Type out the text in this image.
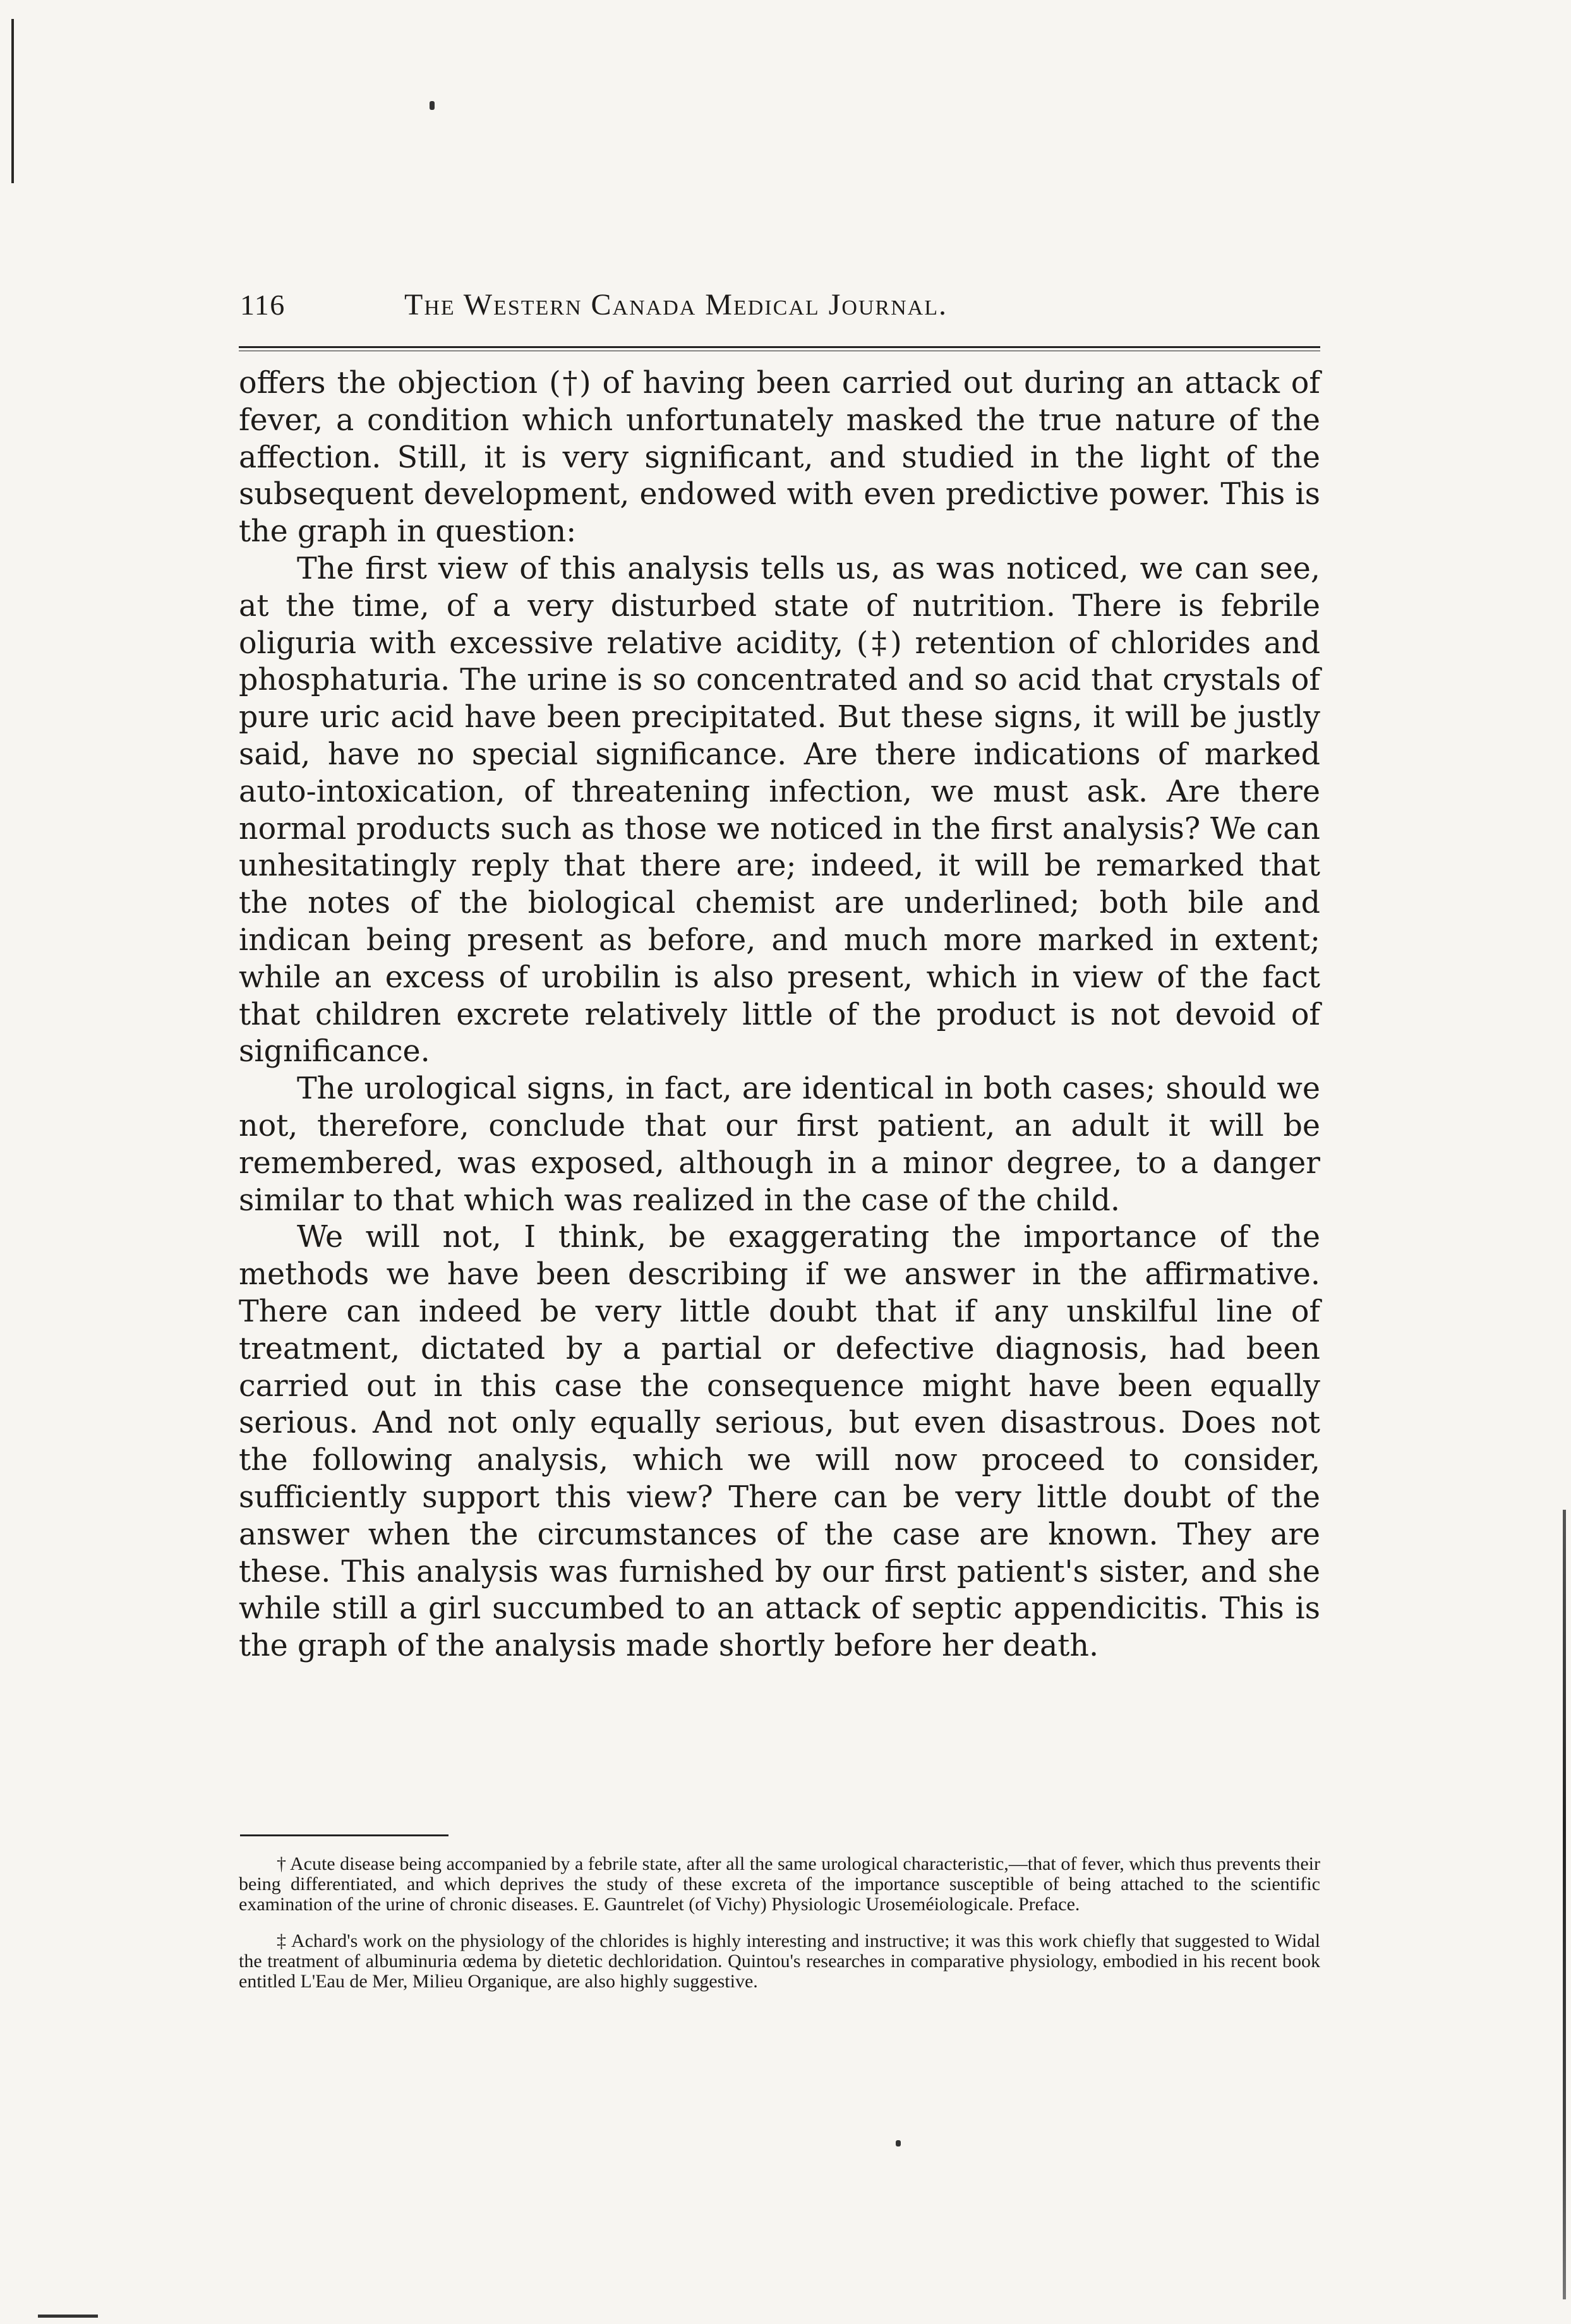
116	The Western Canada Medical Journal.

offers the objection (†) of having been carried out during an attack of fever, a condition which unfortunately masked the true nature of the affection. Still, it is very significant, and studied in the light of the subsequent development, endowed with even predictive power. This is the graph in question:

The first view of this analysis tells us, as was noticed, we can see, at the time, of a very disturbed state of nutrition. There is febrile oliguria with excessive relative acidity, (‡) retention of chlorides and phosphaturia. The urine is so concentrated and so acid that crystals of pure uric acid have been precipitated. But these signs, it will be justly said, have no special significance. Are there indications of marked auto-intoxication, of threatening infection, we must ask. Are there normal products such as those we noticed in the first analysis? We can unhesitatingly reply that there are; indeed, it will be remarked that the notes of the biological chemist are underlined; both bile and indican being present as before, and much more marked in extent; while an excess of urobilin is also present, which in view of the fact that children excrete relatively little of the product is not devoid of significance.

The urological signs, in fact, are identical in both cases; should we not, therefore, conclude that our first patient, an adult it will be remembered, was exposed, although in a minor degree, to a danger similar to that which was realized in the case of the child.

We will not, I think, be exaggerating the importance of the methods we have been describing if we answer in the affirmative. There can indeed be very little doubt that if any unskilful line of treatment, dictated by a partial or defective diagnosis, had been carried out in this case the consequence might have been equally serious. And not only equally serious, but even disastrous. Does not the following analysis, which we will now proceed to consider, sufficiently support this view? There can be very little doubt of the answer when the circumstances of the case are known. They are these. This analysis was furnished by our first patient's sister, and she while still a girl succumbed to an attack of septic appendicitis. This is the graph of the analysis made shortly before her death.

† Acute disease being accompanied by a febrile state, after all the same urological characteristic,—that of fever, which thus prevents their being differentiated, and which deprives the study of these excreta of the importance susceptible of being attached to the scientific examination of the urine of chronic diseases. E. Gauntrelet (of Vichy) Physiologic Uroseméiologicale. Preface.

‡ Achard's work on the physiology of the chlorides is highly interesting and instructive; it was this work chiefly that suggested to Widal the treatment of albuminuria œdema by dietetic dechloridation. Quintou's researches in comparative physiology, embodied in his recent book entitled L'Eau de Mer, Milieu Organique, are also highly suggestive.
